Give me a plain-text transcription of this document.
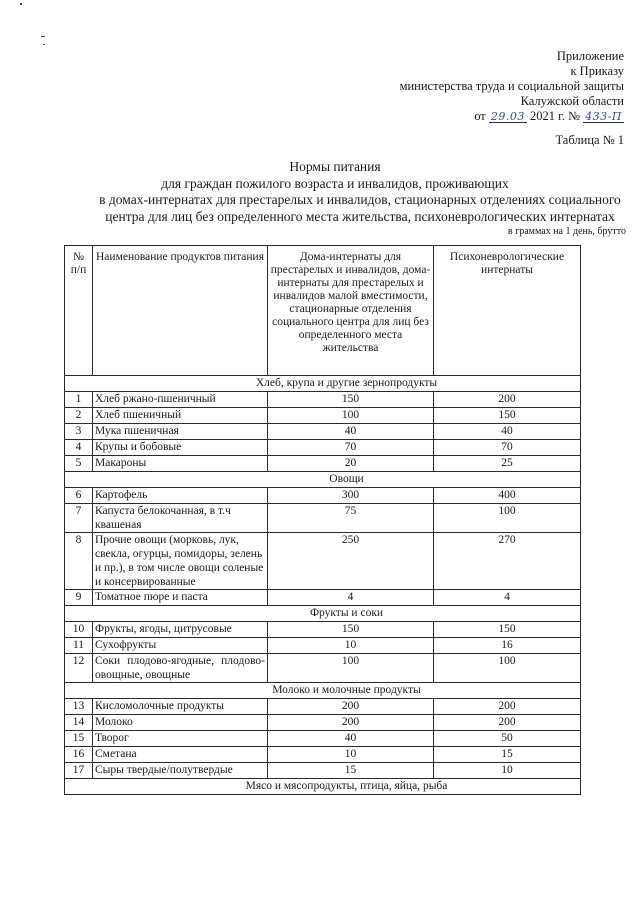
Приложение
к Приказу
министерства труда и социальной защиты
Калужской области
от 29.03 2021 г. № 433-П
Таблица № 1
Нормы питания
для граждан пожилого возраста и инвалидов, проживающих
в домах-интернатах для престарелых и инвалидов, стационарных отделениях социального
центра для лиц без определенного места жительства, психоневрологических интернатах
в граммах на 1 день, брутто
№ п/п	Наименование продуктов питания	Дома-интернаты для престарелых и инвалидов, дома-интернаты для престарелых и инвалидов малой вместимости, стационарные отделения социального центра для лиц без определенного места жительства	Психоневрологические интернаты
Хлеб, крупа и другие зернопродукты			
1	Хлеб ржано-пшеничный	150	200
2	Хлеб пшеничный	100	150
3	Мука пшеничная	40	40
4	Крупы и бобовые	70	70
5	Макароны	20	25
Овощи			
6	Картофель	300	400
7	Капуста белокочанная, в т.ч квашеная	75	100
8	Прочие овощи (морковь, лук, свекла, огурцы, помидоры, зелень и пр.), в том числе овощи соленые и консервированные	250	270
9	Томатное пюре и паста	4	4
Фрукты и соки			
10	Фрукты, ягоды, цитрусовые	150	150
11	Сухофрукты	10	16
12	Соки плодово-ягодные, плодово-овощные, овощные	100	100
Молоко и молочные продукты			
13	Кисломолочные продукты	200	200
14	Молоко	200	200
15	Творог	40	50
16	Сметана	10	15
17	Сыры твердые/полутвердые	15	10
Мясо и мясопродукты, птица, яйца, рыба			
